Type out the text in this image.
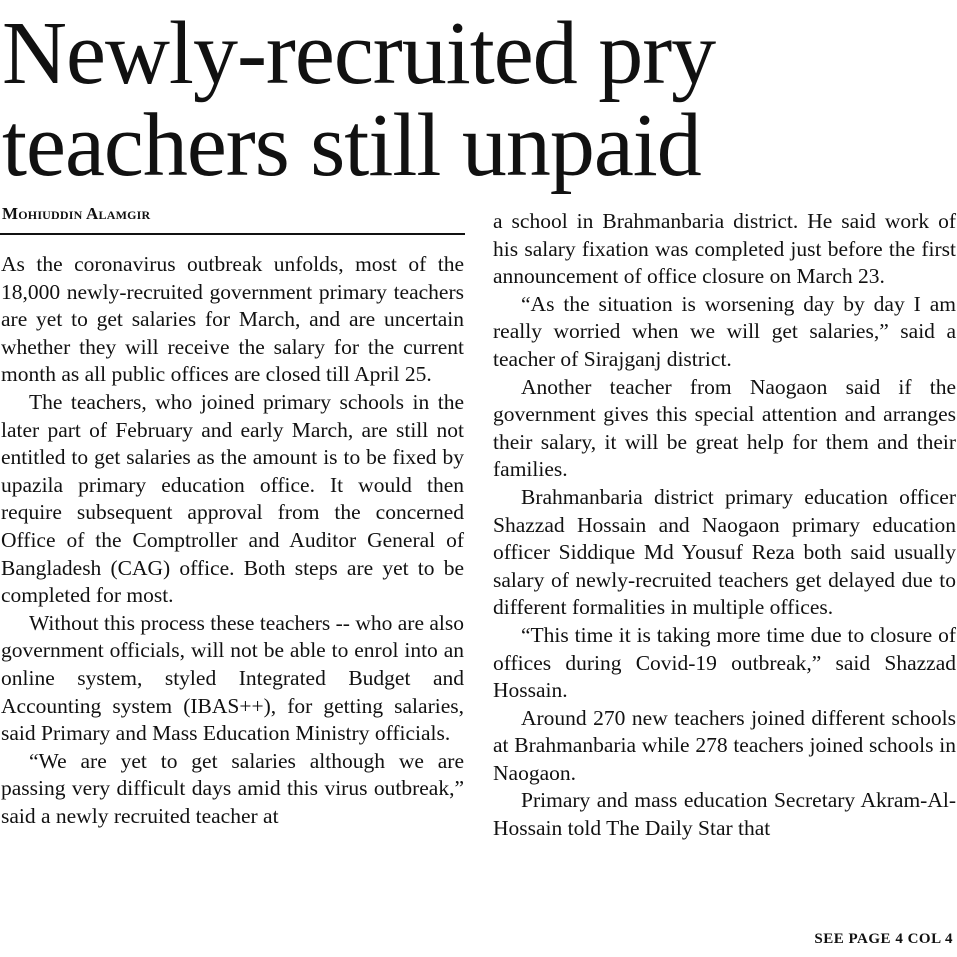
Newly-recruited pry teachers still unpaid
Mohiuddin Alamgir

As the coronavirus outbreak unfolds, most of the 18,000 newly-recruited government primary teachers are yet to get salaries for March, and are uncertain whether they will receive the salary for the current month as all public offices are closed till April 25.

The teachers, who joined primary schools in the later part of February and early March, are still not entitled to get salaries as the amount is to be fixed by upazila primary education office. It would then require subsequent approval from the concerned Office of the Comptroller and Auditor General of Bangladesh (CAG) office. Both steps are yet to be completed for most.

Without this process these teachers -- who are also government officials, will not be able to enrol into an online system, styled Integrated Budget and Accounting system (IBAS++), for getting salaries, said Primary and Mass Education Ministry officials.

“We are yet to get salaries although we are passing very difficult days amid this virus outbreak,” said a newly recruited teacher at

a school in Brahmanbaria district. He said work of his salary fixation was completed just before the first announcement of office closure on March 23.

“As the situation is worsening day by day I am really worried when we will get salaries,” said a teacher of Sirajganj district.

Another teacher from Naogaon said if the government gives this special attention and arranges their salary, it will be great help for them and their families.

Brahmanbaria district primary education officer Shazzad Hossain and Naogaon primary education officer Siddique Md Yousuf Reza both said usually salary of newly-recruited teachers get delayed due to different formalities in multiple offices.

“This time it is taking more time due to closure of offices during Covid-19 outbreak,” said Shazzad Hossain.

Around 270 new teachers joined different schools at Brahmanbaria while 278 teachers joined schools in Naogaon.

Primary and mass education Secretary Akram-Al-Hossain told The Daily Star that

SEE PAGE 4 COL 4
